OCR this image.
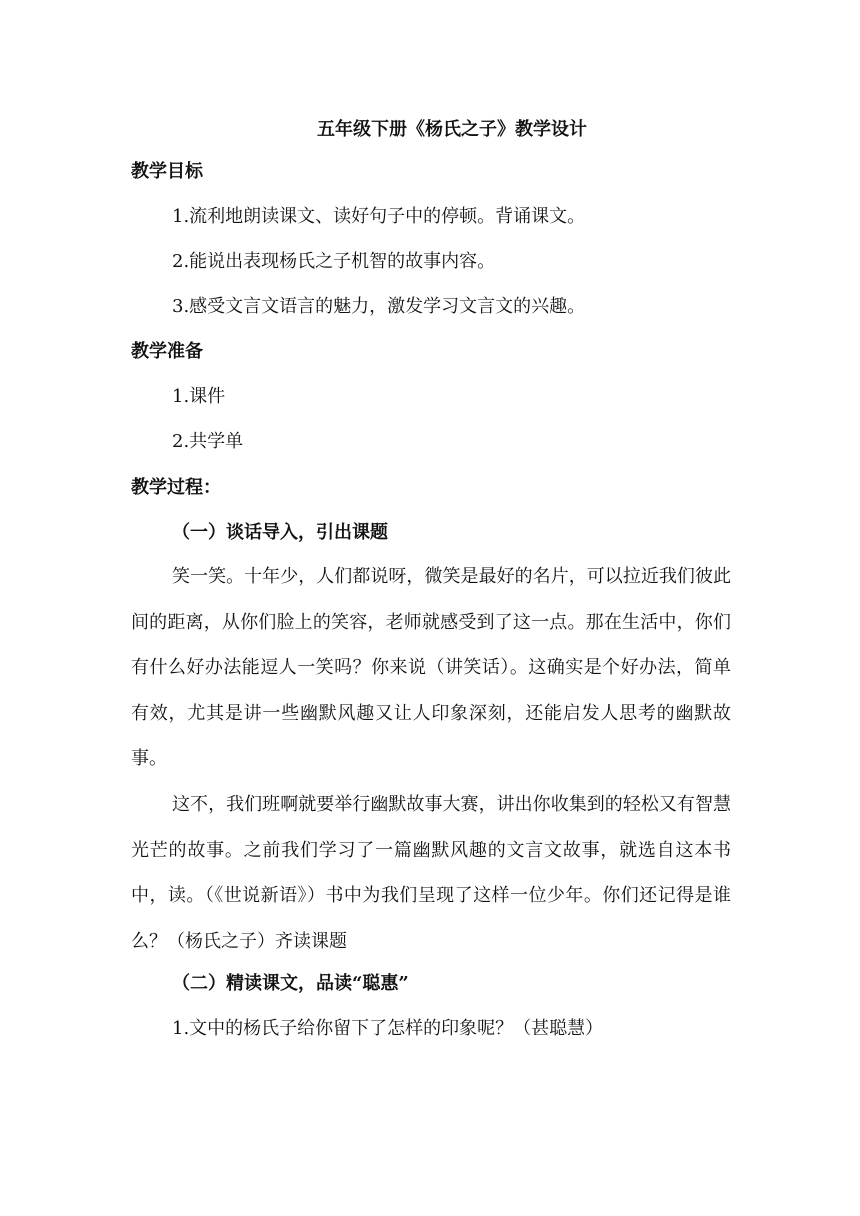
五年级下册《杨氏之子》教学设计
教学目标
1.流利地朗读课文、读好句子中的停顿。背诵课文。
2.能说出表现杨氏之子机智的故事内容。
3.感受文言文语言的魅力，激发学习文言文的兴趣。
教学准备
1.课件
2.共学单
教学过程：
（一）谈话导入，引出课题
笑一笑。十年少，人们都说呀，微笑是最好的名片，可以拉近我们彼此间的距离，从你们脸上的笑容，老师就感受到了这一点。那在生活中，你们有什么好办法能逗人一笑吗？你来说（讲笑话）。这确实是个好办法，简单有效，尤其是讲一些幽默风趣又让人印象深刻，还能启发人思考的幽默故事。
这不，我们班啊就要举行幽默故事大赛，讲出你收集到的轻松又有智慧光芒的故事。之前我们学习了一篇幽默风趣的文言文故事，就选自这本书中，读。（《世说新语》）书中为我们呈现了这样一位少年。你们还记得是谁么？（杨氏之子）齐读课题
（二）精读课文，品读“聪惠”
1.文中的杨氏子给你留下了怎样的印象呢？（甚聪慧）
